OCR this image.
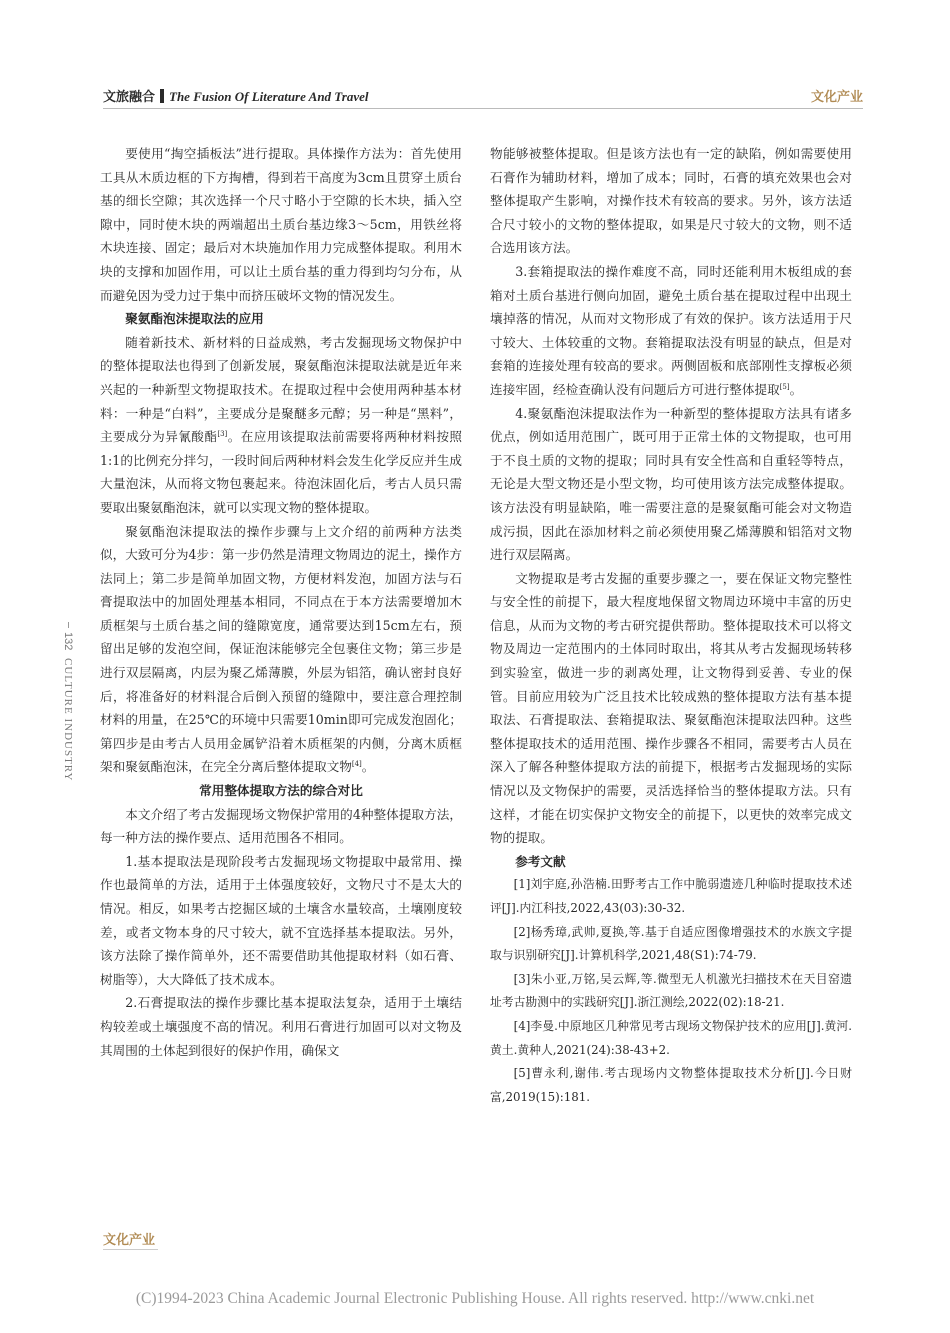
文旅融合 The Fusion Of Literature And Travel	文化产业
132
CULTURE INDUSTRY

要使用“掏空插板法”进行提取。具体操作方法为：首先使用工具从木质边框的下方掏槽，得到若干高度为3cm且贯穿土质台基的细长空隙；其次选择一个尺寸略小于空隙的长木块，插入空隙中，同时使木块的两端超出土质台基边缘3～5cm，用铁丝将木块连接、固定；最后对木块施加作用力完成整体提取。利用木块的支撑和加固作用，可以让土质台基的重力得到均匀分布，从而避免因为受力过于集中而挤压破坏文物的情况发生。

聚氨酯泡沫提取法的应用

随着新技术、新材料的日益成熟，考古发掘现场文物保护中的整体提取法也得到了创新发展，聚氨酯泡沫提取法就是近年来兴起的一种新型文物提取技术。在提取过程中会使用两种基本材料：一种是“白料”，主要成分是聚醚多元醇；另一种是“黑料”，主要成分为异氰酸酯[3]。在应用该提取法前需要将两种材料按照1:1的比例充分拌匀，一段时间后两种材料会发生化学反应并生成大量泡沫，从而将文物包裹起来。待泡沫固化后，考古人员只需要取出聚氨酯泡沫，就可以实现文物的整体提取。

聚氨酯泡沫提取法的操作步骤与上文介绍的前两种方法类似，大致可分为4步：第一步仍然是清理文物周边的泥土，操作方法同上；第二步是简单加固文物，方便材料发泡，加固方法与石膏提取法中的加固处理基本相同，不同点在于本方法需要增加木质框架与土质台基之间的缝隙宽度，通常要达到15cm左右，预留出足够的发泡空间，保证泡沫能够完全包裹住文物；第三步是进行双层隔离，内层为聚乙烯薄膜，外层为铝箔，确认密封良好后，将准备好的材料混合后倒入预留的缝隙中，要注意合理控制材料的用量，在25℃的环境中只需要10min即可完成发泡固化；第四步是由考古人员用金属铲沿着木质框架的内侧，分离木质框架和聚氨酯泡沫，在完全分离后整体提取文物[4]。

常用整体提取方法的综合对比

本文介绍了考古发掘现场文物保护常用的4种整体提取方法，每一种方法的操作要点、适用范围各不相同。

1.基本提取法是现阶段考古发掘现场文物提取中最常用、操作也最简单的方法，适用于土体强度较好，文物尺寸不是太大的情况。相反，如果考古挖掘区域的土壤含水量较高，土壤刚度较差，或者文物本身的尺寸较大，就不宜选择基本提取法。另外，该方法除了操作简单外，还不需要借助其他提取材料（如石膏、树脂等），大大降低了技术成本。

2.石膏提取法的操作步骤比基本提取法复杂，适用于土壤结构较差或土壤强度不高的情况。利用石膏进行加固可以对文物及其周围的土体起到很好的保护作用，确保文

物能够被整体提取。但是该方法也有一定的缺陷，例如需要使用石膏作为辅助材料，增加了成本；同时，石膏的填充效果也会对整体提取产生影响，对操作技术有较高的要求。另外，该方法适合尺寸较小的文物的整体提取，如果是尺寸较大的文物，则不适合选用该方法。

3.套箱提取法的操作难度不高，同时还能利用木板组成的套箱对土质台基进行侧向加固，避免土质台基在提取过程中出现土壤掉落的情况，从而对文物形成了有效的保护。该方法适用于尺寸较大、土体较重的文物。套箱提取法没有明显的缺点，但是对套箱的连接处理有较高的要求。两侧固板和底部刚性支撑板必须连接牢固，经检查确认没有问题后方可进行整体提取[5]。

4.聚氨酯泡沫提取法作为一种新型的整体提取方法具有诸多优点，例如适用范围广，既可用于正常土体的文物提取，也可用于不良土质的文物的提取；同时具有安全性高和自重轻等特点，无论是大型文物还是小型文物，均可使用该方法完成整体提取。该方法没有明显缺陷，唯一需要注意的是聚氨酯可能会对文物造成污损，因此在添加材料之前必须使用聚乙烯薄膜和铝箔对文物进行双层隔离。

文物提取是考古发掘的重要步骤之一，要在保证文物完整性与安全性的前提下，最大程度地保留文物周边环境中丰富的历史信息，从而为文物的考古研究提供帮助。整体提取技术可以将文物及周边一定范围内的土体同时取出，将其从考古发掘现场转移到实验室，做进一步的剥离处理，让文物得到妥善、专业的保管。目前应用较为广泛且技术比较成熟的整体提取方法有基本提取法、石膏提取法、套箱提取法、聚氨酯泡沫提取法四种。这些整体提取技术的适用范围、操作步骤各不相同，需要考古人员在深入了解各种整体提取方法的前提下，根据考古发掘现场的实际情况以及文物保护的需要，灵活选择恰当的整体提取方法。只有这样，才能在切实保护文物安全的前提下，以更快的效率完成文物的提取。

参考文献

[1]刘宇庭,孙浩楠.田野考古工作中脆弱遗迹几种临时提取技术述评[J].内江科技,2022,43(03):30-32.

[2]杨秀璋,武帅,夏换,等.基于自适应图像增强技术的水族文字提取与识别研究[J].计算机科学,2021,48(S1):74-79.

[3]朱小亚,万铭,吴云辉,等.微型无人机激光扫描技术在天目窑遗址考古勘测中的实践研究[J].浙江测绘,2022(02):18-21.

[4]李曼.中原地区几种常见考古现场文物保护技术的应用[J].黄河.黄土.黄种人,2021(24):38-43+2.

[5]曹永利,谢伟.考古现场内文物整体提取技术分析[J].今日财富,2019(15):181.

文化产业
(C)1994-2023 China Academic Journal Electronic Publishing House. All rights reserved. http://www.cnki.net
